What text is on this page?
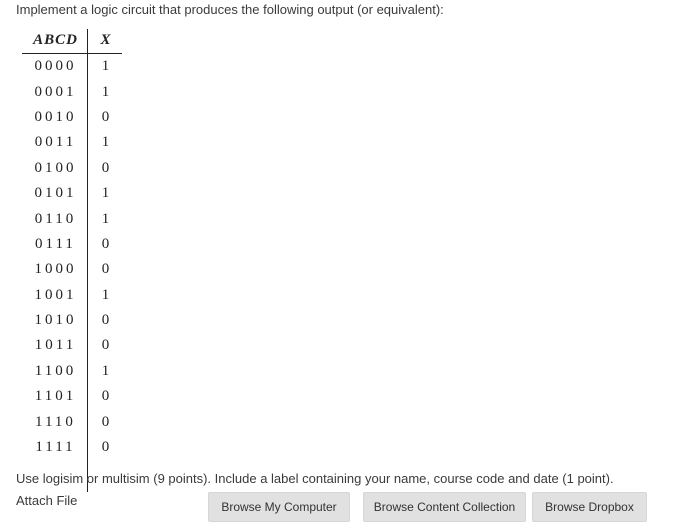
Implement a logic circuit that produces the following output (or equivalent):
ABCD	X
0000	1
0001	1
0010	0
0011	1
0100	0
0101	1
0110	1
0111	0
1000	0
1001	1
1010	0
1011	0
1100	1
1101	0
1110	0
1111	0
Use logisim or multisim (9 points). Include a label containing your name, course code and date (1 point).
Attach File	Browse My Computer	Browse Content Collection	Browse Dropbox
